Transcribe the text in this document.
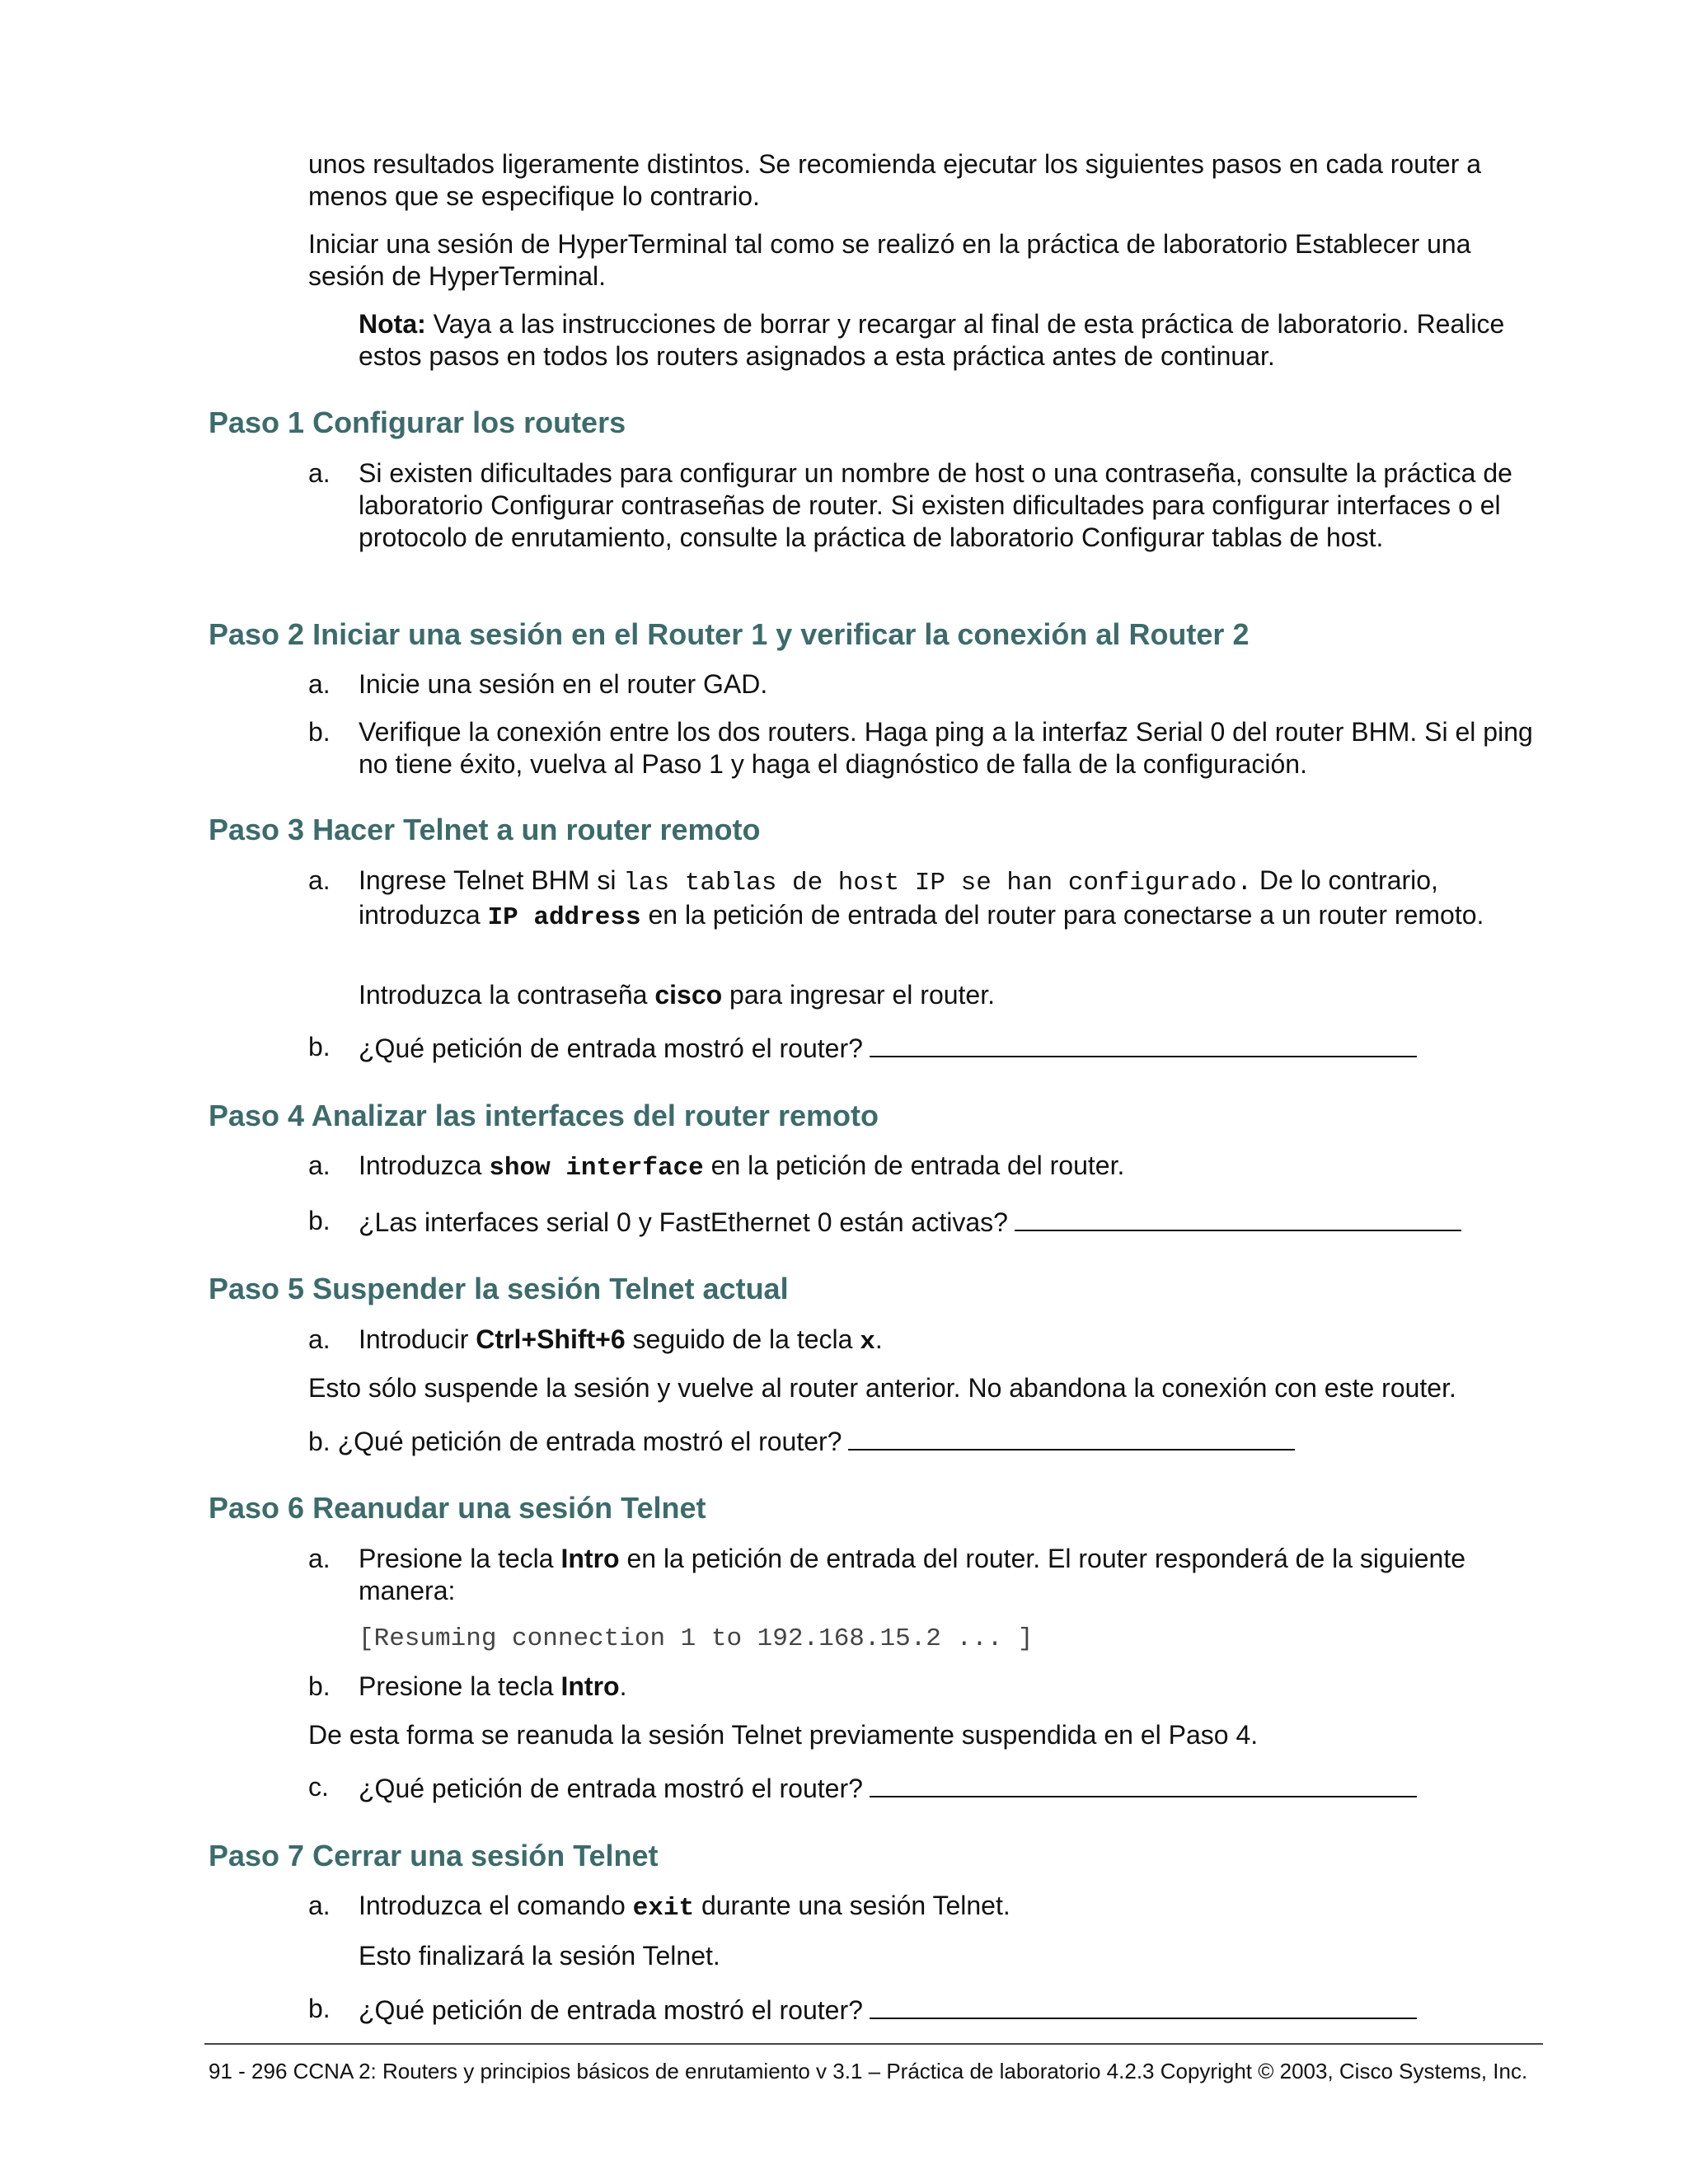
unos resultados ligeramente distintos. Se recomienda ejecutar los siguientes pasos en cada router a menos que se especifique lo contrario.

Iniciar una sesión de HyperTerminal tal como se realizó en la práctica de laboratorio Establecer una sesión de HyperTerminal.

Nota: Vaya a las instrucciones de borrar y recargar al final de esta práctica de laboratorio. Realice estos pasos en todos los routers asignados a esta práctica antes de continuar.

Paso 1 Configurar los routers
a. Si existen dificultades para configurar un nombre de host o una contraseña, consulte la práctica de laboratorio Configurar contraseñas de router. Si existen dificultades para configurar interfaces o el protocolo de enrutamiento, consulte la práctica de laboratorio Configurar tablas de host.
Paso 2 Iniciar una sesión en el Router 1 y verificar la conexión al Router 2
a. Inicie una sesión en el router GAD.
b. Verifique la conexión entre los dos routers. Haga ping a la interfaz Serial 0 del router BHM. Si el ping no tiene éxito, vuelva al Paso 1 y haga el diagnóstico de falla de la configuración.
Paso 3 Hacer Telnet a un router remoto
a. Ingrese Telnet BHM si las tablas de host IP se han configurado. De lo contrario, introduzca IP address en la petición de entrada del router para conectarse a un router remoto.

Introduzca la contraseña cisco para ingresar el router.

b. ¿Qué petición de entrada mostró el router?
Paso 4 Analizar las interfaces del router remoto
a. Introduzca show interface en la petición de entrada del router.
b. ¿Las interfaces serial 0 y FastEthernet 0 están activas?
Paso 5 Suspender la sesión Telnet actual
a. Introducir Ctrl+Shift+6 seguido de la tecla x.

Esto sólo suspende la sesión y vuelve al router anterior. No abandona la conexión con este router.

b. ¿Qué petición de entrada mostró el router?

Paso 6 Reanudar una sesión Telnet
a. Presione la tecla Intro en la petición de entrada del router. El router responderá de la siguiente manera:

[Resuming connection 1 to 192.168.15.2 ... ]

b. Presione la tecla Intro.

De esta forma se reanuda la sesión Telnet previamente suspendida en el Paso 4.

c. ¿Qué petición de entrada mostró el router?
Paso 7 Cerrar una sesión Telnet
a. Introduzca el comando exit durante una sesión Telnet.

Esto finalizará la sesión Telnet.

b. ¿Qué petición de entrada mostró el router?
91 - 296 CCNA 2: Routers y principios básicos de enrutamiento v 3.1 – Práctica de laboratorio 4.2.3 Copyright © 2003, Cisco Systems, Inc.
